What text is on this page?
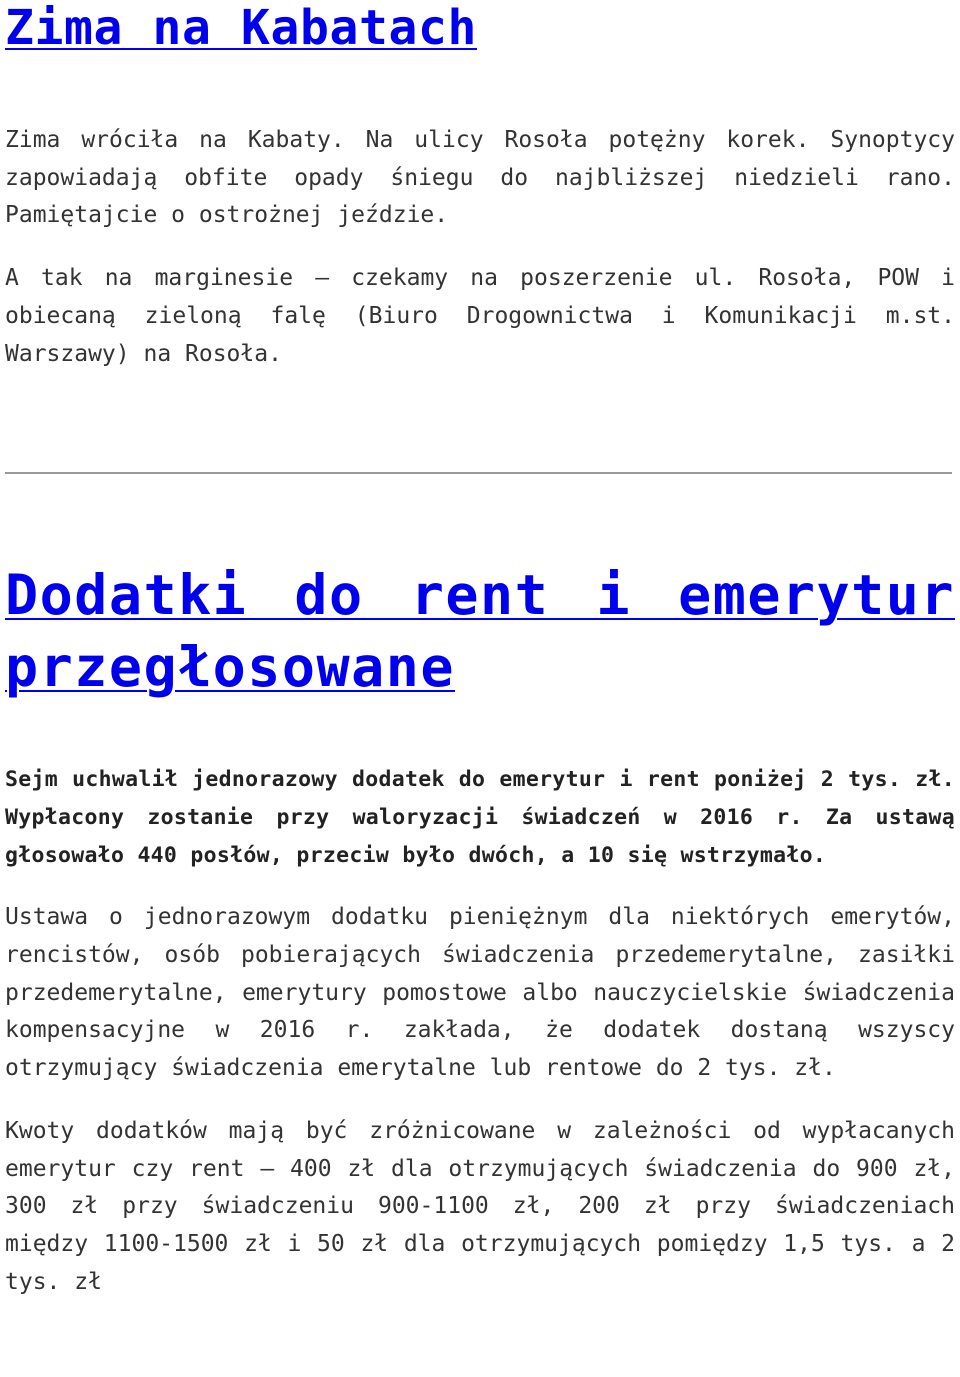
Zima na Kabatach

Zima wróciła na Kabaty. Na ulicy Rosoła potężny korek. Synoptycy zapowiadają obfite opady śniegu do najbliższej niedzieli rano. Pamiętajcie o ostrożnej jeździe.

A tak na marginesie – czekamy na poszerzenie ul. Rosoła, POW i obiecaną zieloną falę (Biuro Drogownictwa i Komunikacji m.st. Warszawy) na Rosoła.

Dodatki do rent i emerytur przegłosowane

Sejm uchwalił jednorazowy dodatek do emerytur i rent poniżej 2 tys. zł. Wypłacony zostanie przy waloryzacji świadczeń w 2016 r. Za ustawą głosowało 440 posłów, przeciw było dwóch, a 10 się wstrzymało.

Ustawa o jednorazowym dodatku pieniężnym dla niektórych emerytów, rencistów, osób pobierających świadczenia przedemerytalne, zasiłki przedemerytalne, emerytury pomostowe albo nauczycielskie świadczenia kompensacyjne w 2016 r. zakłada, że dodatek dostaną wszyscy otrzymujący świadczenia emerytalne lub rentowe do 2 tys. zł.

Kwoty dodatków mają być zróżnicowane w zależności od wypłacanych emerytur czy rent – 400 zł dla otrzymujących świadczenia do 900 zł, 300 zł przy świadczeniu 900-1100 zł, 200 zł przy świadczeniach między 1100-1500 zł i 50 zł dla otrzymujących pomiędzy 1,5 tys. a 2 tys. zł
